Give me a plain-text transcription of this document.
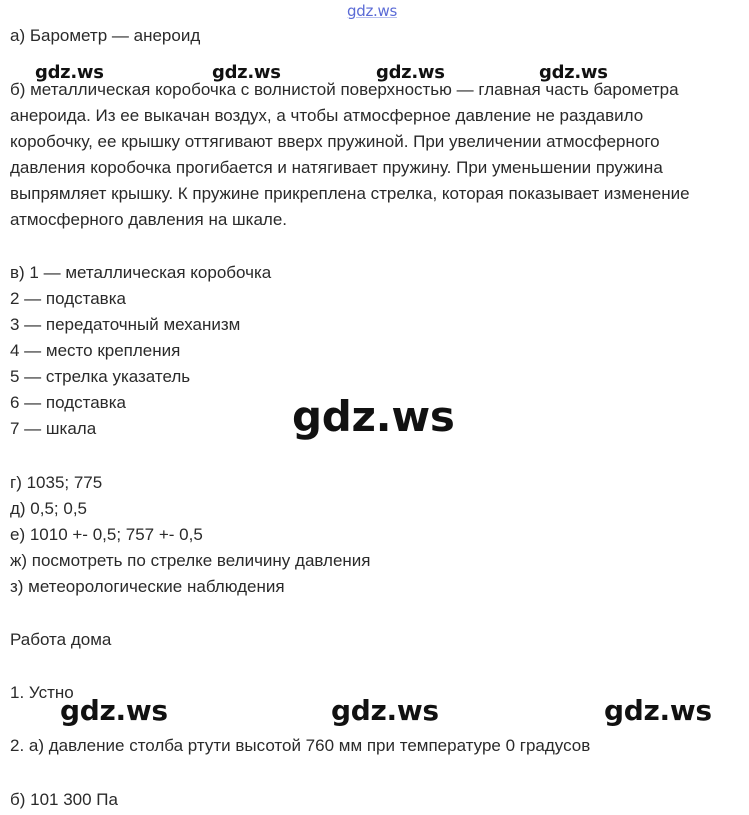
gdz.ws
а) Барометр — анероид
б) металлическая коробочка с волнистой поверхностью — главная часть барометра
анероида. Из ее выкачан воздух, а чтобы атмосферное давление не раздавило
коробочку, ее крышку оттягивают вверх пружиной. При увеличении атмосферного
давления коробочка прогибается и натягивает пружину. При уменьшении пружина
выпрямляет крышку. К пружине прикреплена стрелка, которая показывает изменение
атмосферного давления на шкале.
в) 1 — металлическая коробочка
2 — подставка
3 — передаточный механизм
4 — место крепления
5 — стрелка указатель
6 — подставка
7 — шкала
г) 1035; 775
д) 0,5; 0,5
е) 1010 +- 0,5; 757 +- 0,5
ж) посмотреть по стрелке величину давления
з) метеорологические наблюдения
Работа дома
1. Устно
2. а) давление столба ртути высотой 760 мм при температуре 0 градусов
б) 101 300 Па
gdz.ws	gdz.ws	gdz.ws	gdz.ws
gdz.ws
gdz.ws	gdz.ws	gdz.ws
